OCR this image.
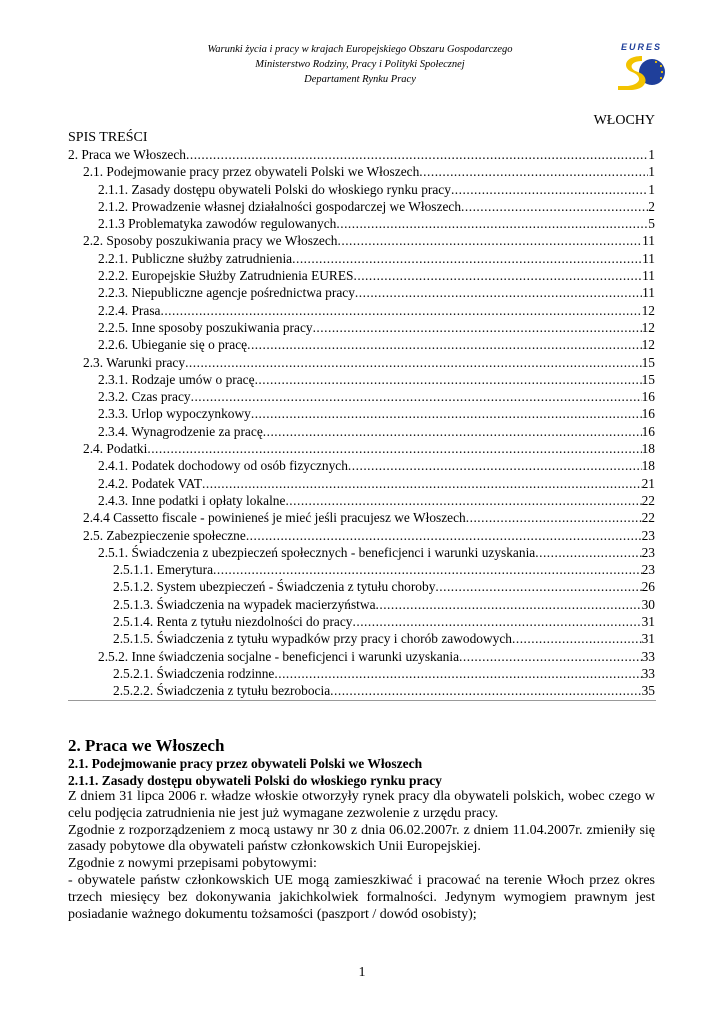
Warunki życia i pracy w krajach Europejskiego Obszaru Gospodarczego
Ministerstwo Rodziny, Pracy i Polityki Społecznej
Departament Rynku Pracy
EURES
WŁOCHY
SPIS TREŚCI
2. Praca we Włoszech .....	1
2.1. Podejmowanie pracy przez obywateli Polski we Włoszech .....	1
2.1.1. Zasady dostępu obywateli Polski do włoskiego rynku pracy .....	1
2.1.2. Prowadzenie własnej działalności gospodarczej we Włoszech .....	2
2.1.3 Problematyka zawodów regulowanych .....	5
2.2. Sposoby poszukiwania pracy we Włoszech .....	11
2.2.1. Publiczne służby zatrudnienia .....	11
2.2.2. Europejskie Służby Zatrudnienia EURES .....	11
2.2.3. Niepubliczne agencje pośrednictwa pracy .....	11
2.2.4. Prasa .....	12
2.2.5. Inne sposoby poszukiwania pracy .....	12
2.2.6. Ubieganie się o pracę .....	12
2.3. Warunki pracy .....	15
2.3.1. Rodzaje umów o pracę .....	15
2.3.2. Czas pracy .....	16
2.3.3. Urlop wypoczynkowy .....	16
2.3.4. Wynagrodzenie za pracę .....	16
2.4. Podatki .....	18
2.4.1. Podatek dochodowy od osób fizycznych .....	18
2.4.2. Podatek VAT .....	21
2.4.3. Inne podatki i opłaty lokalne .....	22
2.4.4 Cassetto fiscale - powinieneś je mieć jeśli pracujesz we Włoszech .....	22
2.5. Zabezpieczenie społeczne .....	23
2.5.1. Świadczenia z ubezpieczeń społecznych - beneficjenci i warunki uzyskania .....	23
2.5.1.1. Emerytura .....	23
2.5.1.2. System ubezpieczeń - Świadczenia z tytułu choroby .....	26
2.5.1.3. Świadczenia na wypadek macierzyństwa .....	30
2.5.1.4. Renta z tytułu niezdolności do pracy .....	31
2.5.1.5. Świadczenia z tytułu wypadków przy pracy i chorób zawodowych .....	31
2.5.2. Inne świadczenia socjalne - beneficjenci i warunki uzyskania .....	33
2.5.2.1. Świadczenia rodzinne .....	33
2.5.2.2. Świadczenia z tytułu bezrobocia .....	35
2. Praca we Włoszech
2.1. Podejmowanie pracy przez obywateli Polski we Włoszech
2.1.1. Zasady dostępu obywateli Polski do włoskiego rynku pracy

Z dniem 31 lipca 2006 r. władze włoskie otworzyły rynek pracy dla obywateli polskich, wobec czego w celu podjęcia zatrudnienia nie jest już wymagane zezwolenie z urzędu pracy.

Zgodnie z rozporządzeniem z mocą ustawy nr 30 z dnia 06.02.2007r. z dniem 11.04.2007r. zmieniły się zasady pobytowe dla obywateli państw członkowskich Unii Europejskiej.

Zgodnie z nowymi przepisami pobytowymi:

- obywatele państw członkowskich UE mogą zamieszkiwać i pracować na terenie Włoch przez okres trzech miesięcy bez dokonywania jakichkolwiek formalności. Jedynym wymogiem prawnym jest posiadanie ważnego dokumentu tożsamości (paszport / dowód osobisty);

1
